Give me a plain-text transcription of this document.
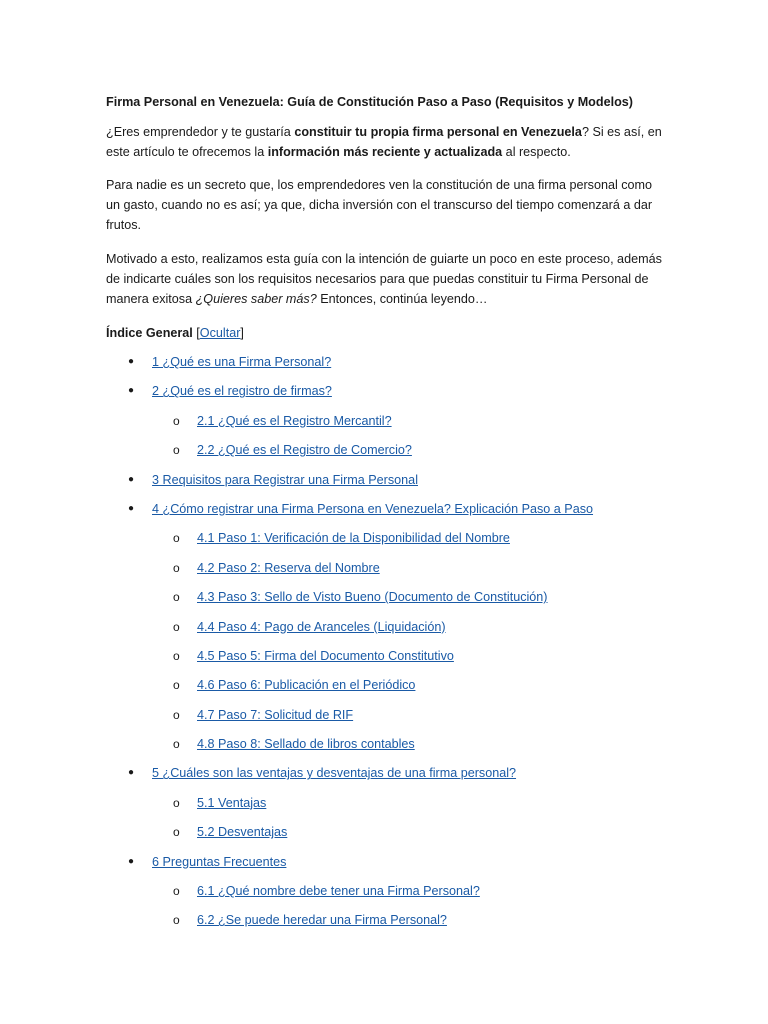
Firma Personal en Venezuela: Guía de Constitución Paso a Paso (Requisitos y Modelos)

¿Eres emprendedor y te gustaría constituir tu propia firma personal en Venezuela? Si es así, en este artículo te ofrecemos la información más reciente y actualizada al respecto.

Para nadie es un secreto que, los emprendedores ven la constitución de una firma personal como un gasto, cuando no es así; ya que, dicha inversión con el transcurso del tiempo comenzará a dar frutos.

Motivado a esto, realizamos esta guía con la intención de guiarte un poco en este proceso, además de indicarte cuáles son los requisitos necesarios para que puedas constituir tu Firma Personal de manera exitosa ¿Quieres saber más? Entonces, continúa leyendo…

Índice General [Ocultar]
● 1 ¿Qué es una Firma Personal?
● 2 ¿Qué es el registro de firmas?
o 2.1 ¿Qué es el Registro Mercantil?
o 2.2 ¿Qué es el Registro de Comercio?
● 3 Requisitos para Registrar una Firma Personal
● 4 ¿Cómo registrar una Firma Persona en Venezuela? Explicación Paso a Paso
o 4.1 Paso 1: Verificación de la Disponibilidad del Nombre
o 4.2 Paso 2: Reserva del Nombre
o 4.3 Paso 3: Sello de Visto Bueno (Documento de Constitución)
o 4.4 Paso 4: Pago de Aranceles (Liquidación)
o 4.5 Paso 5: Firma del Documento Constitutivo
o 4.6 Paso 6: Publicación en el Periódico
o 4.7 Paso 7: Solicitud de RIF
o 4.8 Paso 8: Sellado de libros contables
● 5 ¿Cuáles son las ventajas y desventajas de una firma personal?
o 5.1 Ventajas
o 5.2 Desventajas
● 6 Preguntas Frecuentes
o 6.1 ¿Qué nombre debe tener una Firma Personal?
o 6.2 ¿Se puede heredar una Firma Personal?
